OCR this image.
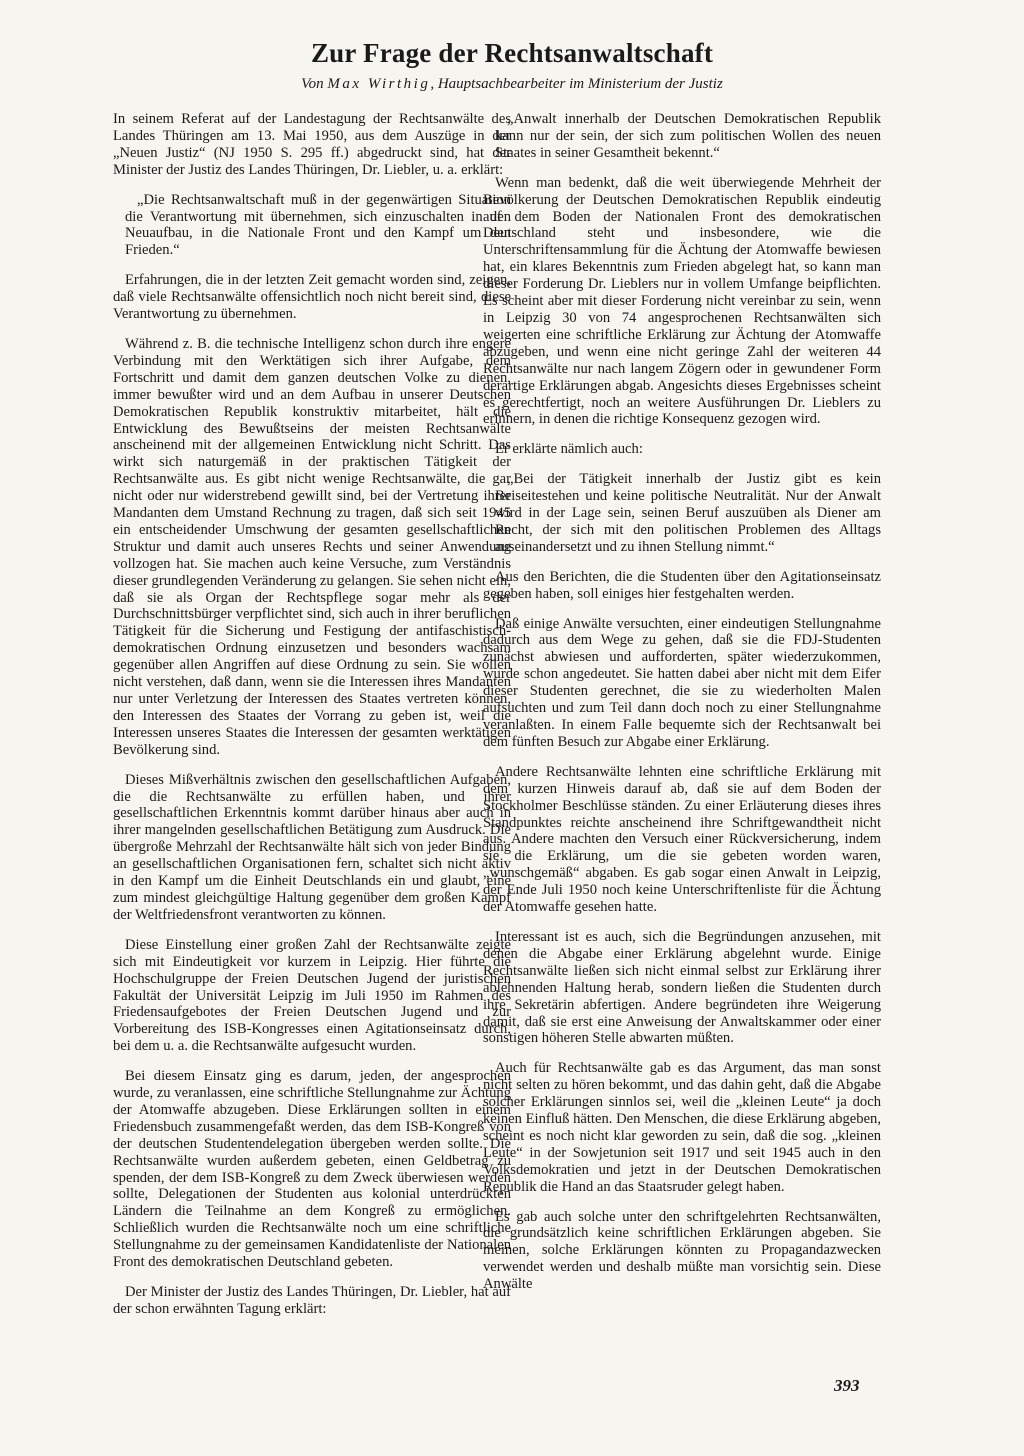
Zur Frage der Rechtsanwaltschaft
Von Max Wirthig, Hauptsachbearbeiter im Ministerium der Justiz

In seinem Referat auf der Landestagung der Rechtsanwälte des Landes Thüringen am 13. Mai 1950, aus dem Auszüge in der „Neuen Justiz“ (NJ 1950 S. 295 ff.) abgedruckt sind, hat der Minister der Justiz des Landes Thüringen, Dr. Liebler, u. a. erklärt:

„Die Rechtsanwaltschaft muß in der gegenwärtigen Situation die Verantwortung mit übernehmen, sich einzuschalten in den Neuaufbau, in die Nationale Front und den Kampf um den Frieden.“

Erfahrungen, die in der letzten Zeit gemacht worden sind, zeigen, daß viele Rechtsanwälte offensichtlich noch nicht bereit sind, diese Verantwortung zu übernehmen.

Während z. B. die technische Intelligenz schon durch ihre engere Verbindung mit den Werktätigen sich ihrer Aufgabe, dem Fortschritt und damit dem ganzen deutschen Volke zu dienen, immer bewußter wird und an dem Aufbau in unserer Deutschen Demokratischen Republik konstruktiv mitarbeitet, hält die Entwicklung des Bewußtseins der meisten Rechtsanwälte anscheinend mit der allgemeinen Entwicklung nicht Schritt. Das wirkt sich naturgemäß in der praktischen Tätigkeit der Rechtsanwälte aus. Es gibt nicht wenige Rechtsanwälte, die gar nicht oder nur widerstrebend gewillt sind, bei der Vertretung ihrer Mandanten dem Umstand Rechnung zu tragen, daß sich seit 1945 ein entscheidender Umschwung der gesamten gesellschaftlichen Struktur und damit auch unseres Rechts und seiner Anwendung vollzogen hat. Sie machen auch keine Versuche, zum Verständnis dieser grundlegenden Veränderung zu gelangen. Sie sehen nicht ein, daß sie als Organ der Rechtspflege sogar mehr als der Durchschnittsbürger verpflichtet sind, sich auch in ihrer beruflichen Tätigkeit für die Sicherung und Festigung der antifaschistisch-demokratischen Ordnung einzusetzen und besonders wachsam gegenüber allen Angriffen auf diese Ordnung zu sein. Sie wollen nicht verstehen, daß dann, wenn sie die Interessen ihres Mandanten nur unter Verletzung der Interessen des Staates vertreten können, den Interessen des Staates der Vorrang zu geben ist, weil die Interessen unseres Staates die Interessen der gesamten werktätigen Bevölkerung sind.

Dieses Mißverhältnis zwischen den gesellschaftlichen Aufgaben, die die Rechtsanwälte zu erfüllen haben, und ihrer gesellschaftlichen Erkenntnis kommt darüber hinaus aber auch in ihrer mangelnden gesellschaftlichen Betätigung zum Ausdruck. Die übergroße Mehrzahl der Rechtsanwälte hält sich von jeder Bindung an gesellschaftlichen Organisationen fern, schaltet sich nicht aktiv in den Kampf um die Einheit Deutschlands ein und glaubt, eine zum mindest gleichgültige Haltung gegenüber dem großen Kampf der Weltfriedensfront verantworten zu können.

Diese Einstellung einer großen Zahl der Rechtsanwälte zeigte sich mit Eindeutigkeit vor kurzem in Leipzig. Hier führte die Hochschulgruppe der Freien Deutschen Jugend der juristischen Fakultät der Universität Leipzig im Juli 1950 im Rahmen des Friedensaufgebotes der Freien Deutschen Jugend und zur Vorbereitung des ISB-Kongresses einen Agitationseinsatz durch, bei dem u. a. die Rechtsanwälte aufgesucht wurden.

Bei diesem Einsatz ging es darum, jeden, der angesprochen wurde, zu veranlassen, eine schriftliche Stellungnahme zur Ächtung der Atomwaffe abzugeben. Diese Erklärungen sollten in einem Friedensbuch zusammengefaßt werden, das dem ISB-Kongreß von der deutschen Studentendelegation übergeben werden sollte. Die Rechtsanwälte wurden außerdem gebeten, einen Geldbetrag zu spenden, der dem ISB-Kongreß zu dem Zweck überwiesen werden sollte, Delegationen der Studenten aus kolonial unterdrückten Ländern die Teilnahme an dem Kongreß zu ermöglichen. Schließlich wurden die Rechtsanwälte noch um eine schriftliche Stellungnahme zu der gemeinsamen Kandidatenliste der Nationalen Front des demokratischen Deutschland gebeten.

Der Minister der Justiz des Landes Thüringen, Dr. Liebler, hat auf der schon erwähnten Tagung erklärt:

„Anwalt innerhalb der Deutschen Demokratischen Republik kann nur der sein, der sich zum politischen Wollen des neuen Staates in seiner Gesamtheit bekennt.“

Wenn man bedenkt, daß die weit überwiegende Mehrheit der Bevölkerung der Deutschen Demokratischen Republik eindeutig auf dem Boden der Nationalen Front des demokratischen Deutschland steht und insbesondere, wie die Unterschriftensammlung für die Ächtung der Atomwaffe bewiesen hat, ein klares Bekenntnis zum Frieden abgelegt hat, so kann man dieser Forderung Dr. Lieblers nur in vollem Umfange beipflichten. Es scheint aber mit dieser Forderung nicht vereinbar zu sein, wenn in Leipzig 30 von 74 angesprochenen Rechtsanwälten sich weigerten eine schriftliche Erklärung zur Ächtung der Atomwaffe abzugeben, und wenn eine nicht geringe Zahl der weiteren 44 Rechtsanwälte nur nach langem Zögern oder in gewundener Form derartige Erklärungen abgab. Angesichts dieses Ergebnisses scheint es gerechtfertigt, noch an weitere Ausführungen Dr. Lieblers zu erinnern, in denen die richtige Konsequenz gezogen wird.

Er erklärte nämlich auch:

„Bei der Tätigkeit innerhalb der Justiz gibt es kein Beiseitestehen und keine politische Neutralität. Nur der Anwalt wird in der Lage sein, seinen Beruf auszuüben als Diener am Recht, der sich mit den politischen Problemen des Alltags auseinandersetzt und zu ihnen Stellung nimmt.“

Aus den Berichten, die die Studenten über den Agitationseinsatz gegeben haben, soll einiges hier festgehalten werden.

Daß einige Anwälte versuchten, einer eindeutigen Stellungnahme dadurch aus dem Wege zu gehen, daß sie die FDJ-Studenten zunächst abwiesen und aufforderten, später wiederzukommen, wurde schon angedeutet. Sie hatten dabei aber nicht mit dem Eifer dieser Studenten gerechnet, die sie zu wiederholten Malen aufsuchten und zum Teil dann doch noch zu einer Stellungnahme veranlaßten. In einem Falle bequemte sich der Rechtsanwalt bei dem fünften Besuch zur Abgabe einer Erklärung.

Andere Rechtsanwälte lehnten eine schriftliche Erklärung mit dem kurzen Hinweis darauf ab, daß sie auf dem Boden der Stockholmer Beschlüsse ständen. Zu einer Erläuterung dieses ihres Standpunktes reichte anscheinend ihre Schriftgewandtheit nicht aus. Andere machten den Versuch einer Rückversicherung, indem sie die Erklärung, um die sie gebeten worden waren, „wunschgemäß“ abgaben. Es gab sogar einen Anwalt in Leipzig, der Ende Juli 1950 noch keine Unterschriftenliste für die Ächtung der Atomwaffe gesehen hatte.

Interessant ist es auch, sich die Begründungen anzusehen, mit denen die Abgabe einer Erklärung abgelehnt wurde. Einige Rechtsanwälte ließen sich nicht einmal selbst zur Erklärung ihrer ablehnenden Haltung herab, sondern ließen die Studenten durch ihre Sekretärin abfertigen. Andere begründeten ihre Weigerung damit, daß sie erst eine Anweisung der Anwaltskammer oder einer sonstigen höheren Stelle abwarten müßten.

Auch für Rechtsanwälte gab es das Argument, das man sonst nicht selten zu hören bekommt, und das dahin geht, daß die Abgabe solcher Erklärungen sinnlos sei, weil die „kleinen Leute“ ja doch keinen Einfluß hätten. Den Menschen, die diese Erklärung abgeben, scheint es noch nicht klar geworden zu sein, daß die sog. „kleinen Leute“ in der Sowjetunion seit 1917 und seit 1945 auch in den Volksdemokratien und jetzt in der Deutschen Demokratischen Republik die Hand an das Staatsruder gelegt haben.

Es gab auch solche unter den schriftgelehrten Rechtsanwälten, die grundsätzlich keine schriftlichen Erklärungen abgeben. Sie meinen, solche Erklärungen könnten zu Propagandazwecken verwendet werden und deshalb müßte man vorsichtig sein. Diese Anwälte

393
